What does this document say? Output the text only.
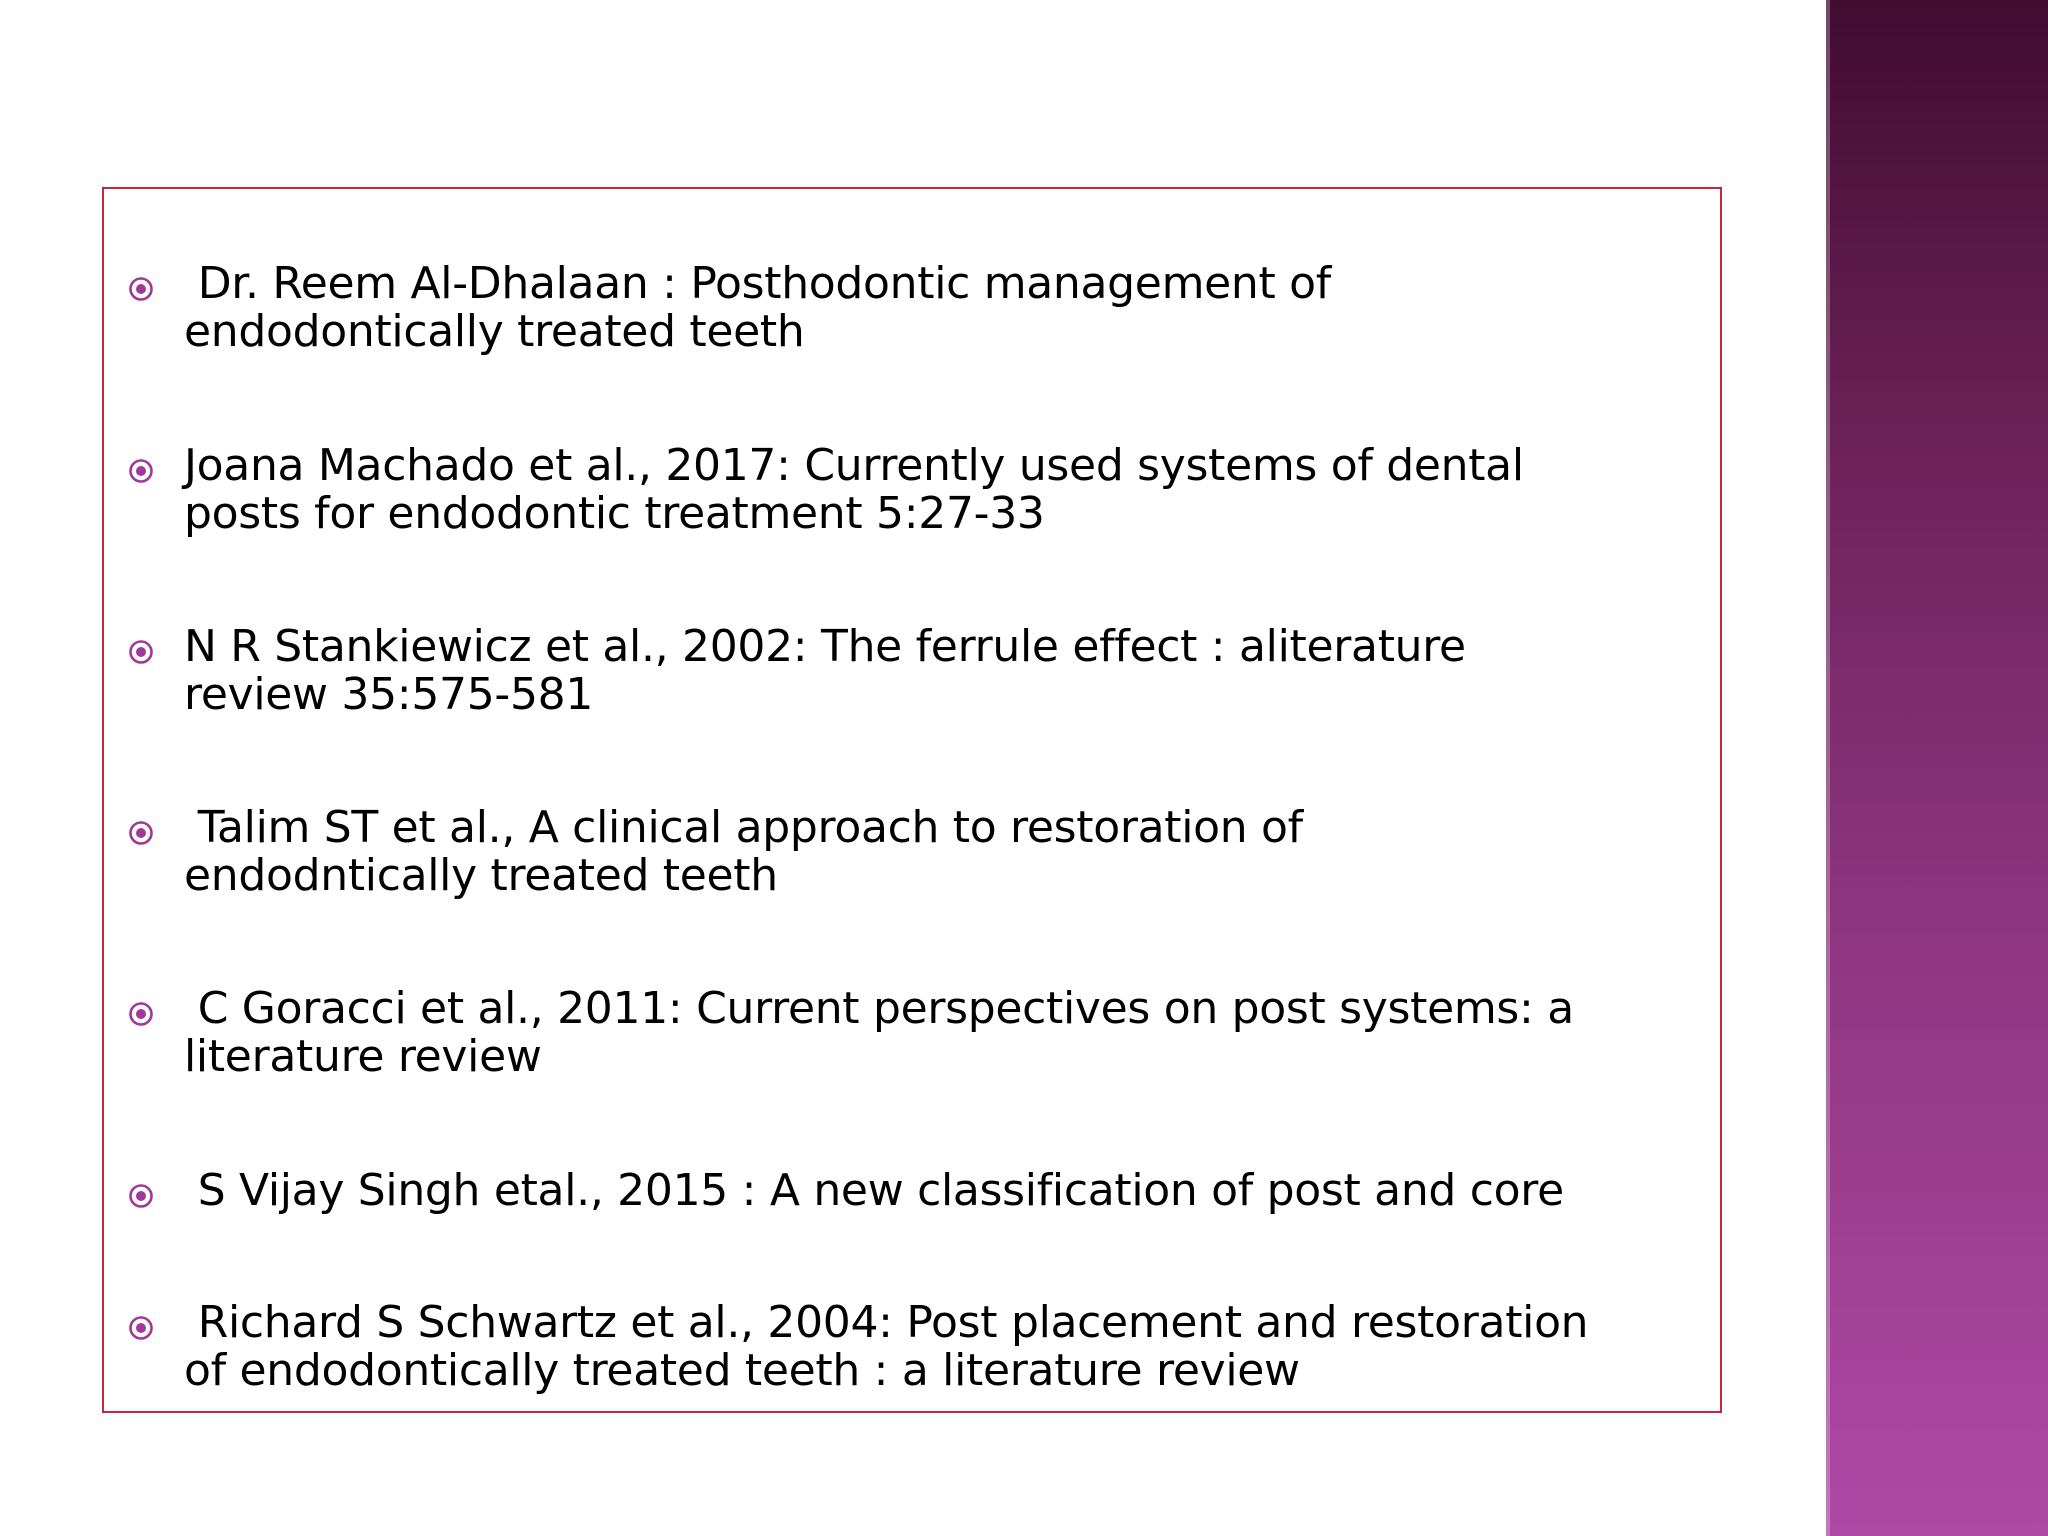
Dr. Reem Al-Dhalaan : Posthodontic management of
endodontically treated teeth
Joana Machado et al., 2017: Currently used systems of dental
posts for endodontic treatment 5:27-33
N R Stankiewicz et al., 2002: The ferrule effect : aliterature
review 35:575-581
Talim ST et al., A clinical approach to restoration of
endodntically treated teeth
C Goracci et al., 2011: Current perspectives on post systems: a
literature review
S Vijay Singh etal., 2015 : A new classification of post and core
Richard S Schwartz et al., 2004: Post placement and restoration
of endodontically treated teeth : a literature review
